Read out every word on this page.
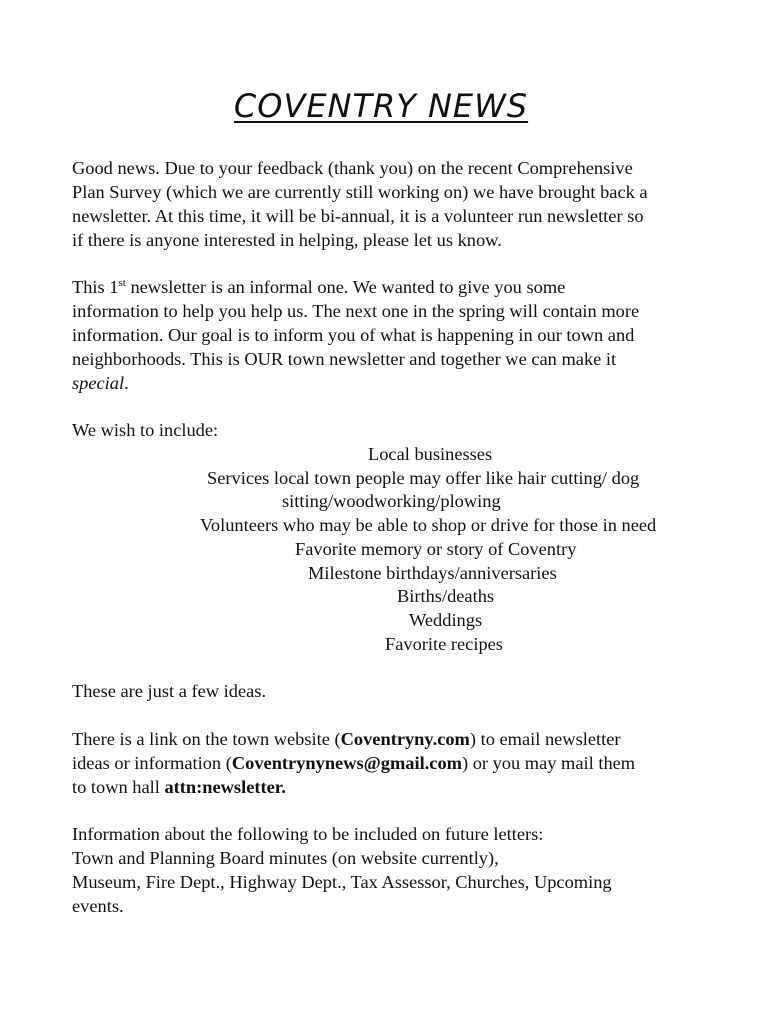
COVENTRY NEWS
Good news. Due to your feedback (thank you) on the recent Comprehensive
Plan Survey (which we are currently still working on) we have brought back a
newsletter. At this time, it will be bi-annual, it is a volunteer run newsletter so
if there is anyone interested in helping, please let us know.
This 1st newsletter is an informal one. We wanted to give you some
information to help you help us. The next one in the spring will contain more
information. Our goal is to inform you of what is happening in our town and
neighborhoods. This is OUR town newsletter and together we can make it
special.
We wish to include:
Local businesses
Services local town people may offer like hair cutting/ dog
sitting/woodworking/plowing
Volunteers who may be able to shop or drive for those in need
Favorite memory or story of Coventry
Milestone birthdays/anniversaries
Births/deaths
Weddings
Favorite recipes
These are just a few ideas.
There is a link on the town website (Coventryny.com) to email newsletter
ideas or information (Coventrynynews@gmail.com) or you may mail them
to town hall attn:newsletter.
Information about the following to be included on future letters:
Town and Planning Board minutes (on website currently),
Museum, Fire Dept., Highway Dept., Tax Assessor, Churches, Upcoming
events.
